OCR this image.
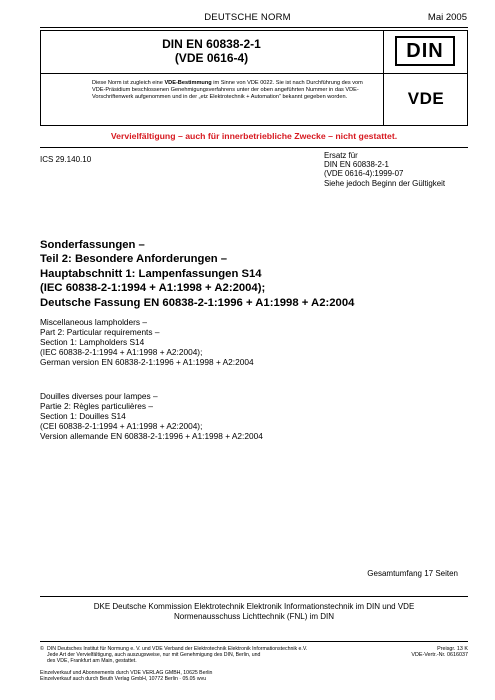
DEUTSCHE NORM	Mai 2005
DIN EN 60838-2-1
(VDE 0616-4)	DIN
VDE
Diese Norm ist zugleich eine VDE-Bestimmung im Sinne von VDE 0022. Sie ist nach Durchführung des vom VDE-Präsidium beschlossenen Genehmigungsverfahrens unter der oben angeführten Nummer in das VDE-Vorschriftenwerk aufgenommen und in der „etz Elektrotechnik + Automation“ bekannt gegeben worden.
Vervielfältigung – auch für innerbetriebliche Zwecke – nicht gestattet.
ICS 29.140.10	Ersatz für
DIN EN 60838-2-1
(VDE 0616-4):1999-07
Siehe jedoch Beginn der Gültigkeit
Sonderfassungen –
Teil 2: Besondere Anforderungen –
Hauptabschnitt 1: Lampenfassungen S14
(IEC 60838-2-1:1994 + A1:1998 + A2:2004);
Deutsche Fassung EN 60838-2-1:1996 + A1:1998 + A2:2004
Miscellaneous lampholders –
Part 2: Particular requirements –
Section 1: Lampholders S14
(IEC 60838-2-1:1994 + A1:1998 + A2:2004);
German version EN 60838-2-1:1996 + A1:1998 + A2:2004
Douilles diverses pour lampes –
Partie 2: Règles particulières –
Section 1: Douilles S14
(CEI 60838-2-1:1994 + A1:1998 + A2:2004);
Version allemande EN 60838-2-1:1996 + A1:1998 + A2:2004
Gesamtumfang 17 Seiten
DKE Deutsche Kommission Elektrotechnik Elektronik Informationstechnik im DIN und VDE
Normenausschuss Lichttechnik (FNL) im DIN
© DIN Deutsches Institut für Normung e. V. und VDE Verband der Elektrotechnik Elektronik Informationstechnik e.V.
Jede Art der Vervielfältigung, auch auszugsweise, nur mit Genehmigung des DIN, Berlin, und
des VDE, Frankfurt am Main, gestattet.
Einzelverkauf und Abonnements durch VDE VERLAG GMBH, 10625 Berlin
Einzelverkauf auch durch Beuth Verlag GmbH, 10772 Berlin · 05.05 wvu
Preisgr. 13 K
VDE-Vertr.-Nr. 0616037
